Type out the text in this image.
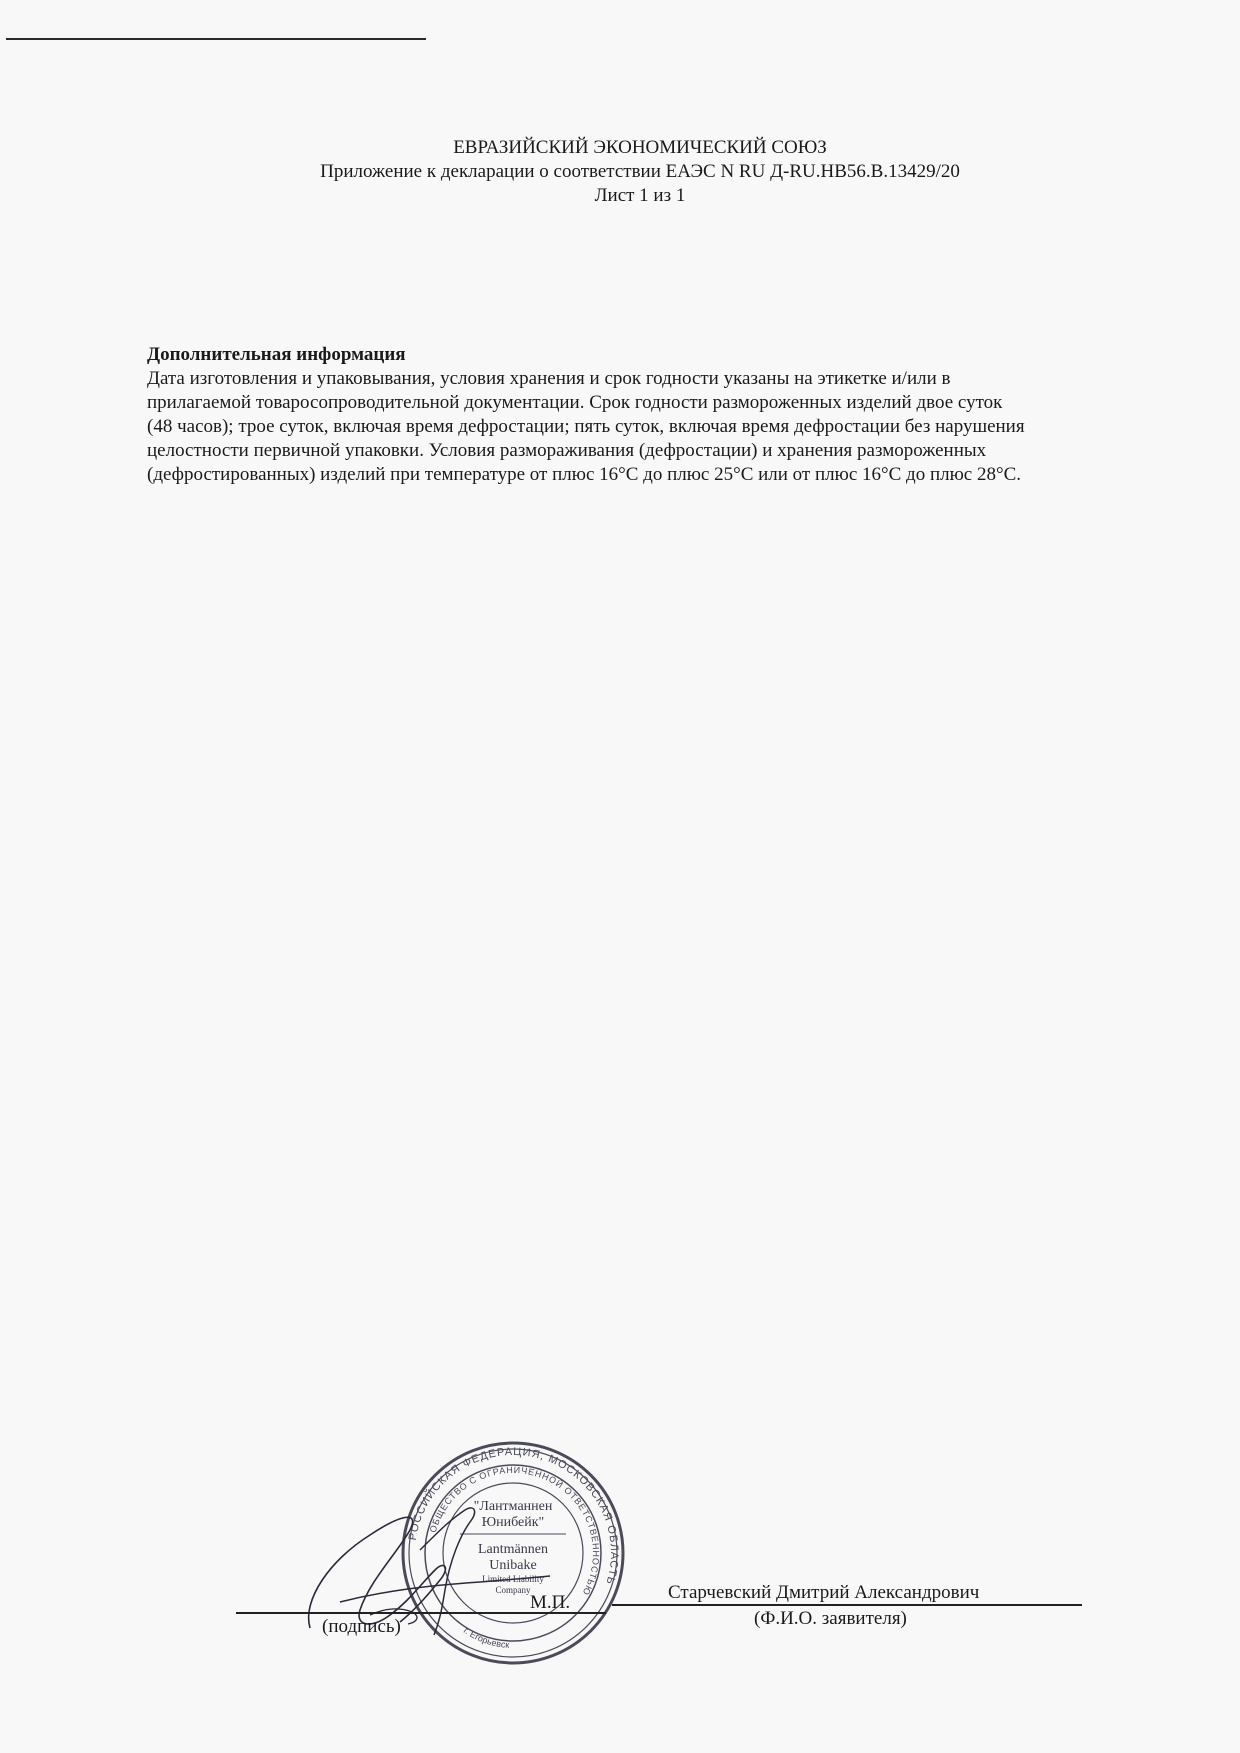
ЕВРАЗИЙСКИЙ ЭКОНОМИЧЕСКИЙ СОЮЗ
Приложение к декларации о соответствии ЕАЭС N RU Д-RU.НВ56.В.13429/20
Лист 1 из 1
Дополнительная информация
Дата изготовления и упаковывания, условия хранения и срок годности указаны на этикетке и/или в
прилагаемой товаросопроводительной документации. Срок годности размороженных изделий двое суток
(48 часов); трое суток, включая время дефростации; пять суток, включая время дефростации без нарушения
целостности первичной упаковки. Условия размораживания (дефростации) и хранения размороженных
(дефростированных) изделий при температуре от плюс 16°С до плюс 25°С или от плюс 16°С до плюс 28°С.
РОССИЙСКАЯ ФЕДЕРАЦИЯ, МОСКОВСКАЯ ОБЛАСТЬ
ОБЩЕСТВО С ОГРАНИЧЕННОЙ ОТВЕТСТВЕННОСТЬЮ
"Лантманнен
Юнибейк"
Lantmännen
Unibake
Limited Liability
Company
г. Егорьевск
(подпись)
М.П.	Старчевский Дмитрий Александрович
(Ф.И.О. заявителя)
